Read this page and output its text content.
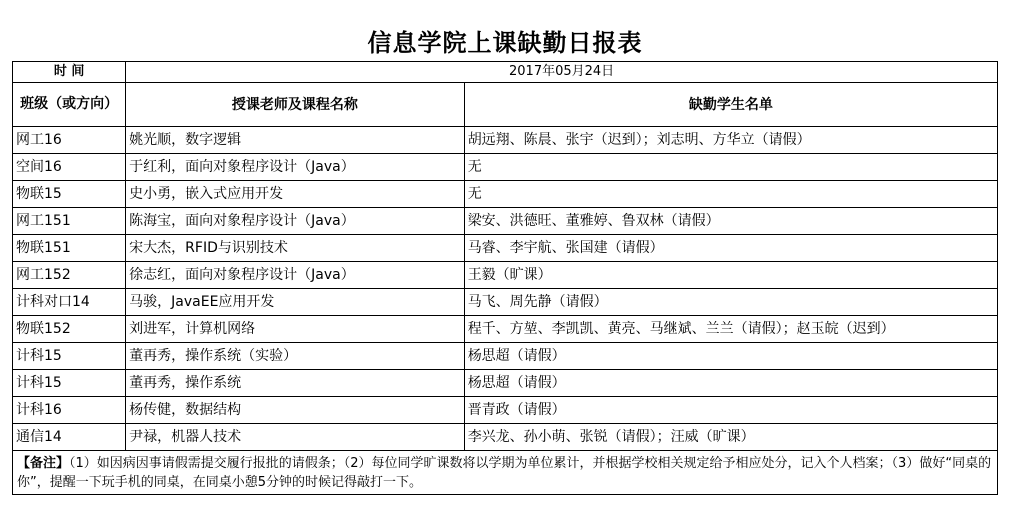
信息学院上课缺勤日报表
时 间	2017年05月24日	
班级（或方向）	授课老师及课程名称	缺勤学生名单
网工16	姚光顺，数字逻辑	胡远翔、陈晨、张宇（迟到）；刘志明、方华立（请假）
空间16	于红利，面向对象程序设计（Java）	无
物联15	史小勇，嵌入式应用开发	无
网工151	陈海宝，面向对象程序设计（Java）	梁安、洪德旺、董雅婷、鲁双林（请假）
物联151	宋大杰，RFID与识别技术	马睿、李宇航、张国建（请假）
网工152	徐志红，面向对象程序设计（Java）	王毅（旷课）
计科对口14	马骏，JavaEE应用开发	马飞、周先静（请假）
物联152	刘进军，计算机网络	程千、方堃、李凯凯、黄亮、马继斌、兰兰（请假）；赵玉皖（迟到）
计科15	董再秀，操作系统（实验）	杨思超（请假）
计科15	董再秀，操作系统	杨思超（请假）
计科16	杨传健，数据结构	晋青政（请假）
通信14	尹禄，机器人技术	李兴龙、孙小萌、张锐（请假）；汪威（旷课）
【备注】（1）如因病因事请假需提交履行报批的请假条；（2）每位同学旷课数将以学期为单位累计，并根据学校相关规定给予相应处分，记入个人档案；（3）做好“同桌的你”，提醒一下玩手机的同桌，在同桌小憩5分钟的时候记得敲打一下。		
